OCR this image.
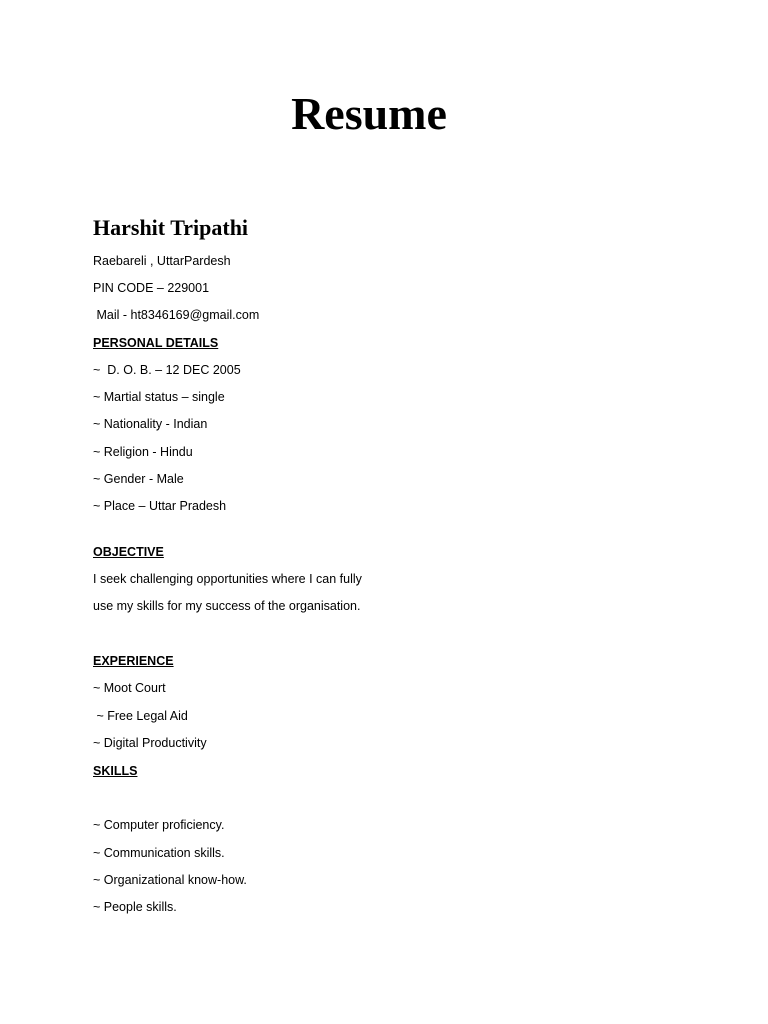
Resume
Harshit Tripathi

Raebareli , UttarPardesh

PIN CODE – 229001

Mail - ht8346169@gmail.com

PERSONAL DETAILS

~  D. O. B. – 12 DEC 2005

~ Martial status – single

~ Nationality - Indian

~ Religion - Hindu

~ Gender - Male

~ Place – Uttar Pradesh

OBJECTIVE

I seek challenging opportunities where I can fully

use my skills for my success of the organisation.

EXPERIENCE

~ Moot Court

~ Free Legal Aid

~ Digital Productivity

SKILLS

~ Computer proficiency.

~ Communication skills.

~ Organizational know-how.

~ People skills.
